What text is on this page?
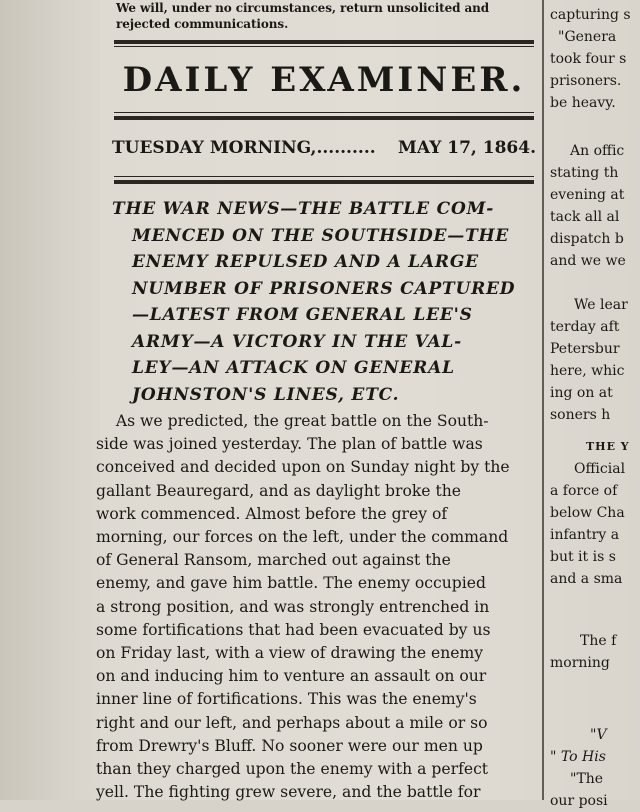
We will, under no circumstances, return unsolicited and
rejected communications.
DAILY EXAMINER.
TUESDAY MORNING,.......... MAY 17, 1864.
THE WAR NEWS—THE BATTLE COM-
MENCED ON THE SOUTHSIDE—THE
ENEMY REPULSED AND A LARGE
NUMBER OF PRISONERS CAPTURED
—LATEST FROM GENERAL LEE'S
ARMY—A VICTORY IN THE VAL-
LEY—AN ATTACK ON GENERAL
JOHNSTON'S LINES, ETC.
As we predicted, the great battle on the South-
side was joined yesterday. The plan of battle was
conceived and decided upon on Sunday night by the
gallant Beauregard, and as daylight broke the
work commenced. Almost before the grey of
morning, our forces on the left, under the command
of General Ransom, marched out against the
enemy, and gave him battle. The enemy occupied
a strong position, and was strongly entrenched in
some fortifications that had been evacuated by us
on Friday last, with a view of drawing the enemy
on and inducing him to venture an assault on our
inner line of fortifications. This was the enemy's
right and our left, and perhaps about a mile or so
from Drewry's Bluff. No sooner were our men up
than they charged upon the enemy with a perfect
yell. The fighting grew severe, and the battle for
capturing s
"Genera
took four s
prisoners.
be heavy.
An offic
stating th
evening at
tack all al
dispatch b
and we we
We lear
terday aft
Petersbur
here, whic
ing on at
soners h
THE Y
Official
a force of
below Cha
infantry a
but it is s
and a sma
The f
morning
"V
" To His
"The
our posi
